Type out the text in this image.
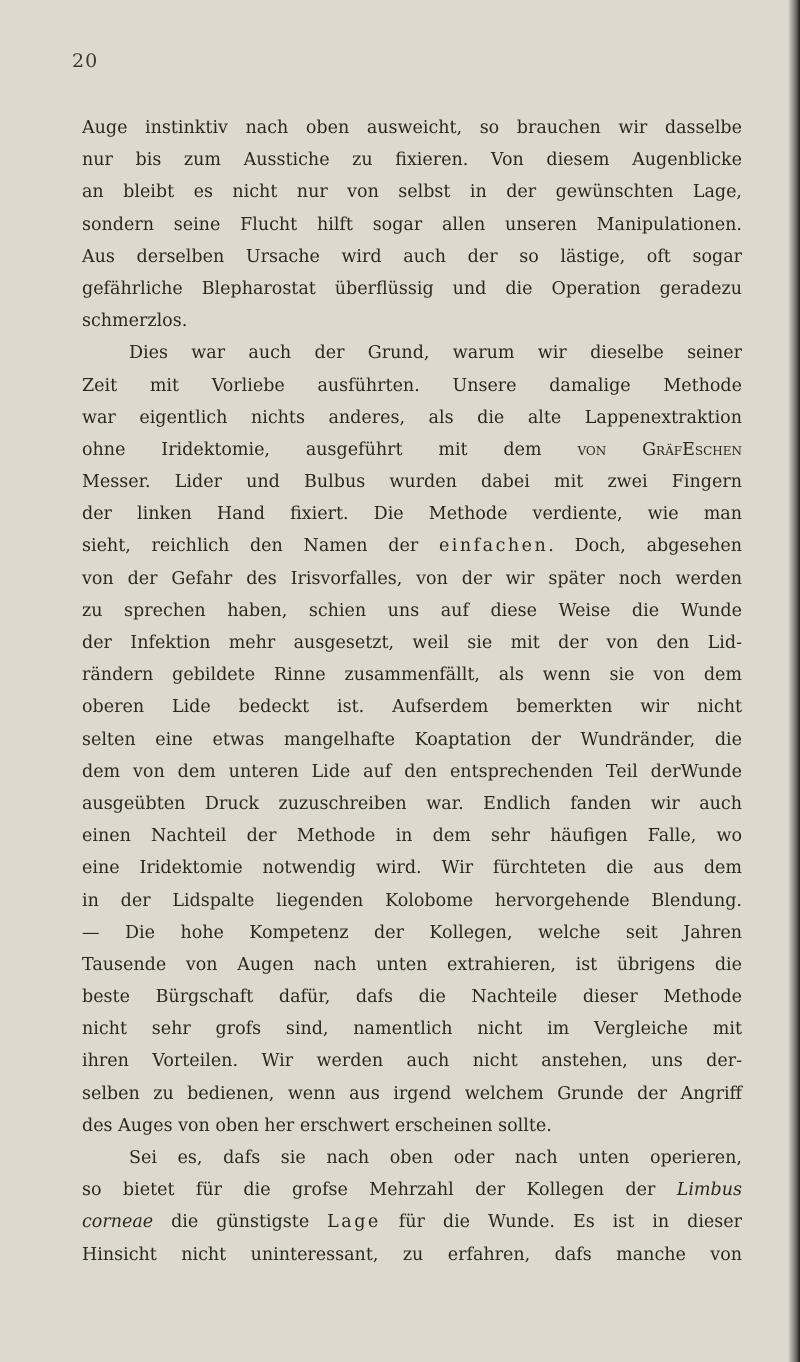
20
Auge instinktiv nach oben ausweicht, so brauchen wir dasselbe
nur bis zum Ausstiche zu fixieren. Von diesem Augenblicke
an bleibt es nicht nur von selbst in der gewünschten Lage,
sondern seine Flucht hilft sogar allen unseren Manipulationen.
Aus derselben Ursache wird auch der so lästige, oft sogar
gefährliche Blepharostat überflüssig und die Operation geradezu
schmerzlos.
Dies war auch der Grund, warum wir dieselbe seiner
Zeit mit Vorliebe ausführten. Unsere damalige Methode
war eigentlich nichts anderes, als die alte Lappenextraktion
ohne Iridektomie, ausgeführt mit dem von GräfEschen
Messer. Lider und Bulbus wurden dabei mit zwei Fingern
der linken Hand fixiert. Die Methode verdiente, wie man
sieht, reichlich den Namen der einfachen. Doch, abgesehen
von der Gefahr des Irisvorfalles, von der wir später noch werden
zu sprechen haben, schien uns auf diese Weise die Wunde
der Infektion mehr ausgesetzt, weil sie mit der von den Lid-
rändern gebildete Rinne zusammenfällt, als wenn sie von dem
oberen Lide bedeckt ist. Aufserdem bemerkten wir nicht
selten eine etwas mangelhafte Koaptation der Wundränder, die
dem von dem unteren Lide auf den entsprechenden Teil derWunde
ausgeübten Druck zuzuschreiben war. Endlich fanden wir auch
einen Nachteil der Methode in dem sehr häufigen Falle, wo
eine Iridektomie notwendig wird. Wir fürchteten die aus dem
in der Lidspalte liegenden Kolobome hervorgehende Blendung.
— Die hohe Kompetenz der Kollegen, welche seit Jahren
Tausende von Augen nach unten extrahieren, ist übrigens die
beste Bürgschaft dafür, dafs die Nachteile dieser Methode
nicht sehr grofs sind, namentlich nicht im Vergleiche mit
ihren Vorteilen. Wir werden auch nicht anstehen, uns der-
selben zu bedienen, wenn aus irgend welchem Grunde der Angriff
des Auges von oben her erschwert erscheinen sollte.
Sei es, dafs sie nach oben oder nach unten operieren,
so bietet für die grofse Mehrzahl der Kollegen der Limbus
corneae die günstigste Lage für die Wunde. Es ist in dieser
Hinsicht nicht uninteressant, zu erfahren, dafs manche von
